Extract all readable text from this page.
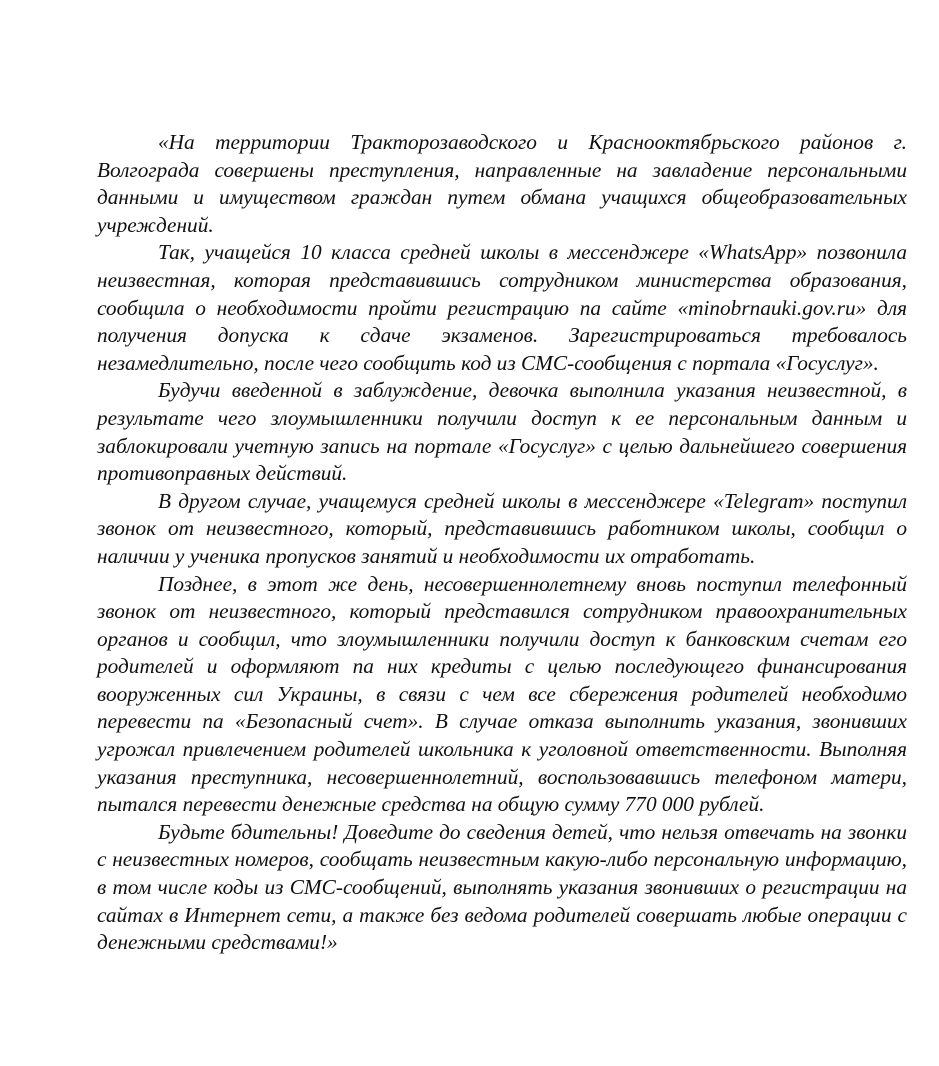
«На территории Тракторозаводского и Краснооктябрьского районов г. Волгограда совершены преступления, направленные на завладение персональными данными и имуществом граждан путем обмана учащихся общеобразовательных учреждений.

Так, учащейся 10 класса средней школы в мессенджере «WhatsApp» позвонила неизвестная, которая представившись сотрудником министерства образования, сообщила о необходимости пройти регистрацию па сайте «minobrnauki.gov.ru» для получения допуска к сдаче экзаменов. Зарегистрироваться требовалось незамедлительно, после чего сообщить код из СМС-сообщения с портала «Госуслуг».

Будучи введенной в заблуждение, девочка выполнила указания неизвестной, в результате чего злоумышленники получили доступ к ее персональным данным и заблокировали учетную запись на портале «Госуслуг» с целью дальнейшего совершения противоправных действий.

В другом случае, учащемуся средней школы в мессенджере «Telegram» поступил звонок от неизвестного, который, представившись работником школы, сообщил о наличии у ученика пропусков занятий и необходимости их отработать.

Позднее, в этот же день, несовершеннолетнему вновь поступил телефонный звонок от неизвестного, который представился сотрудником правоохранительных органов и сообщил, что злоумышленники получили доступ к банковским счетам его родителей и оформляют па них кредиты с целью последующего финансирования вооруженных сил Украины, в связи с чем все сбережения родителей необходимо перевести па «Безопасный счет». В случае отказа выполнить указания, звонивших угрожал привлечением родителей школьника к уголовной ответственности. Выполняя указания преступника, несовершеннолетний, воспользовавшись телефоном матери, пытался перевести денежные средства на общую сумму 770 000 рублей.

Будьте бдительны! Доведите до сведения детей, что нельзя отвечать на звонки с неизвестных номеров, сообщать неизвестным какую-либо персональную информацию, в том числе коды из СМС-сообщений, выполнять указания звонивших о регистрации на сайтах в Интернет сети, а также без ведома родителей совершать любые операции с денежными средствами!»
